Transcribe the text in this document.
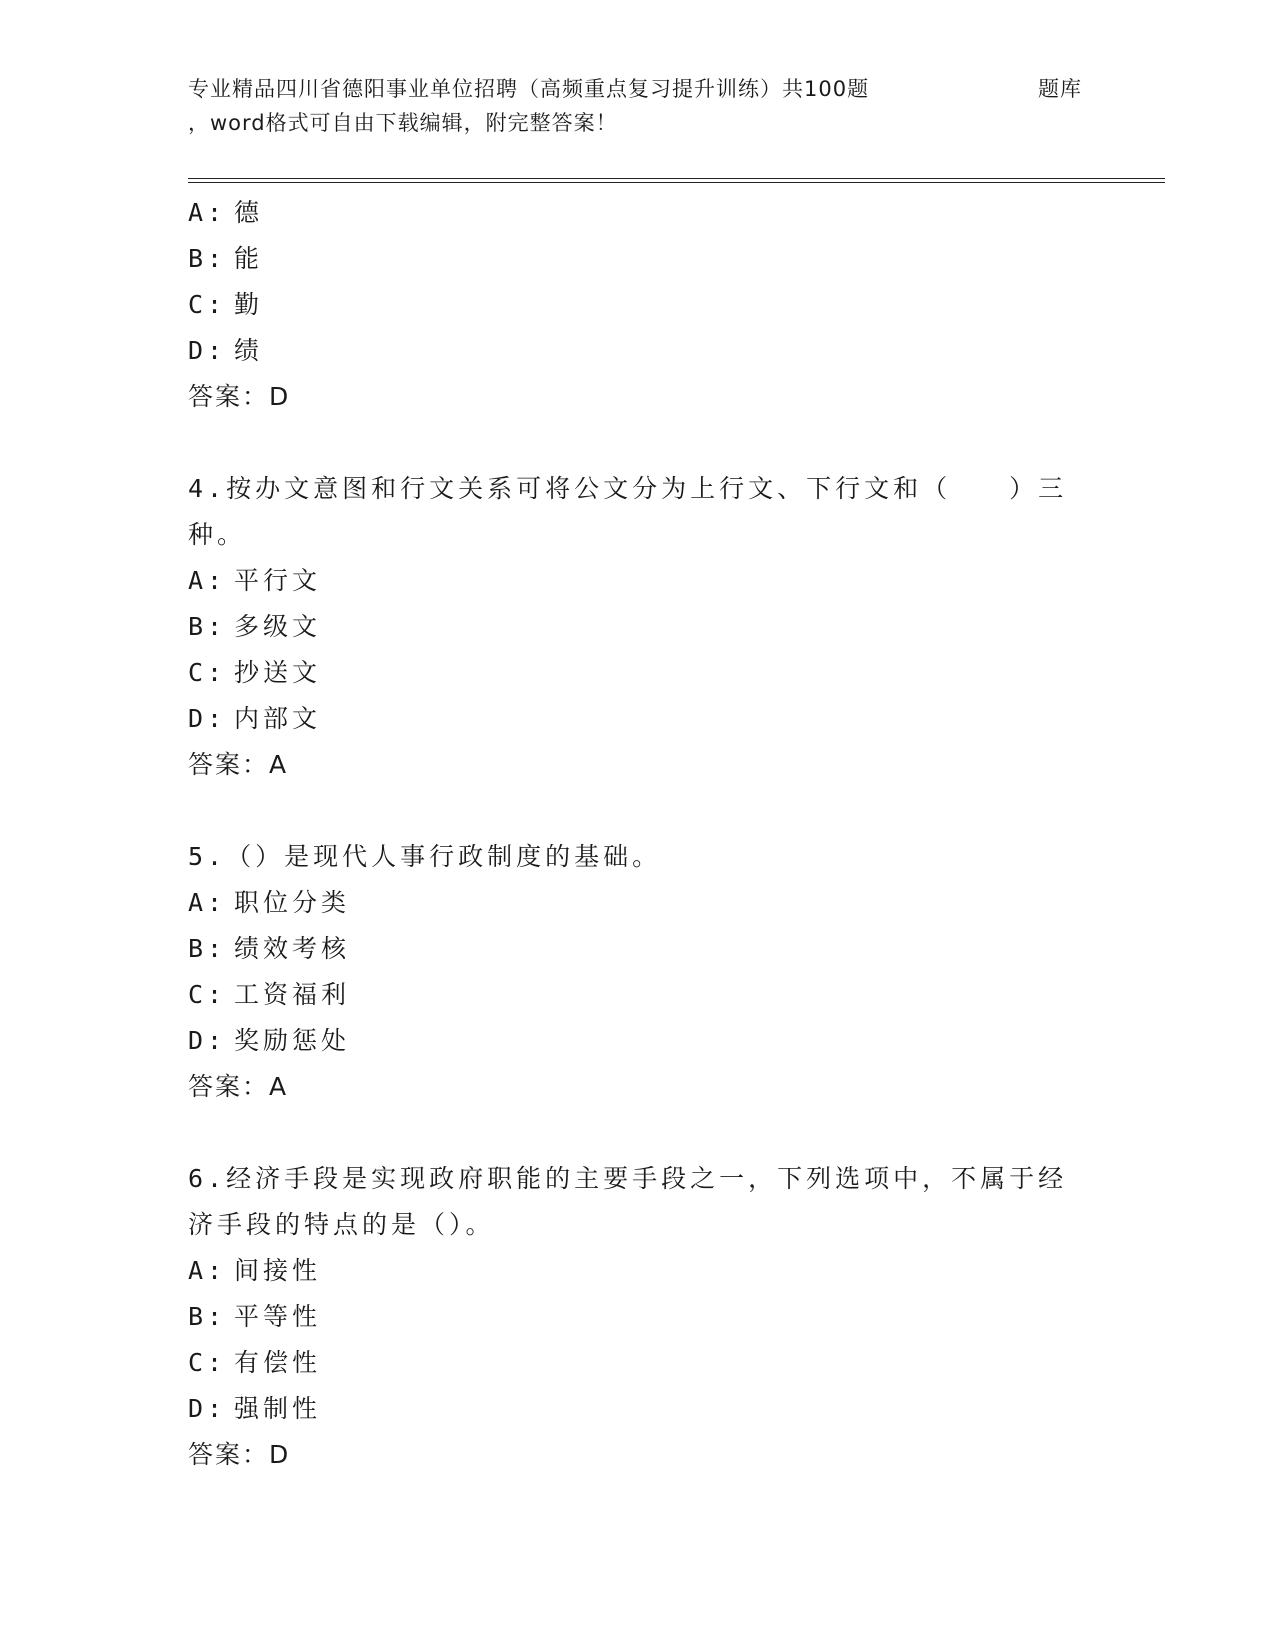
专业精品四川省德阳事业单位招聘（高频重点复习提升训练）共100题	题库
，word格式可自由下载编辑，附完整答案！
A: 德
B: 能
C: 勤
D: 绩
答案：D
4.按办文意图和行文关系可将公文分为上行文、下行文和（　　）三种。
A: 平行文
B: 多级文
C: 抄送文
D: 内部文
答案：A
5.（）是现代人事行政制度的基础。
A: 职位分类
B: 绩效考核
C: 工资福利
D: 奖励惩处
答案：A
6.经济手段是实现政府职能的主要手段之一，下列选项中，不属于经济手段的特点的是（）。
A: 间接性
B: 平等性
C: 有偿性
D: 强制性
答案：D
